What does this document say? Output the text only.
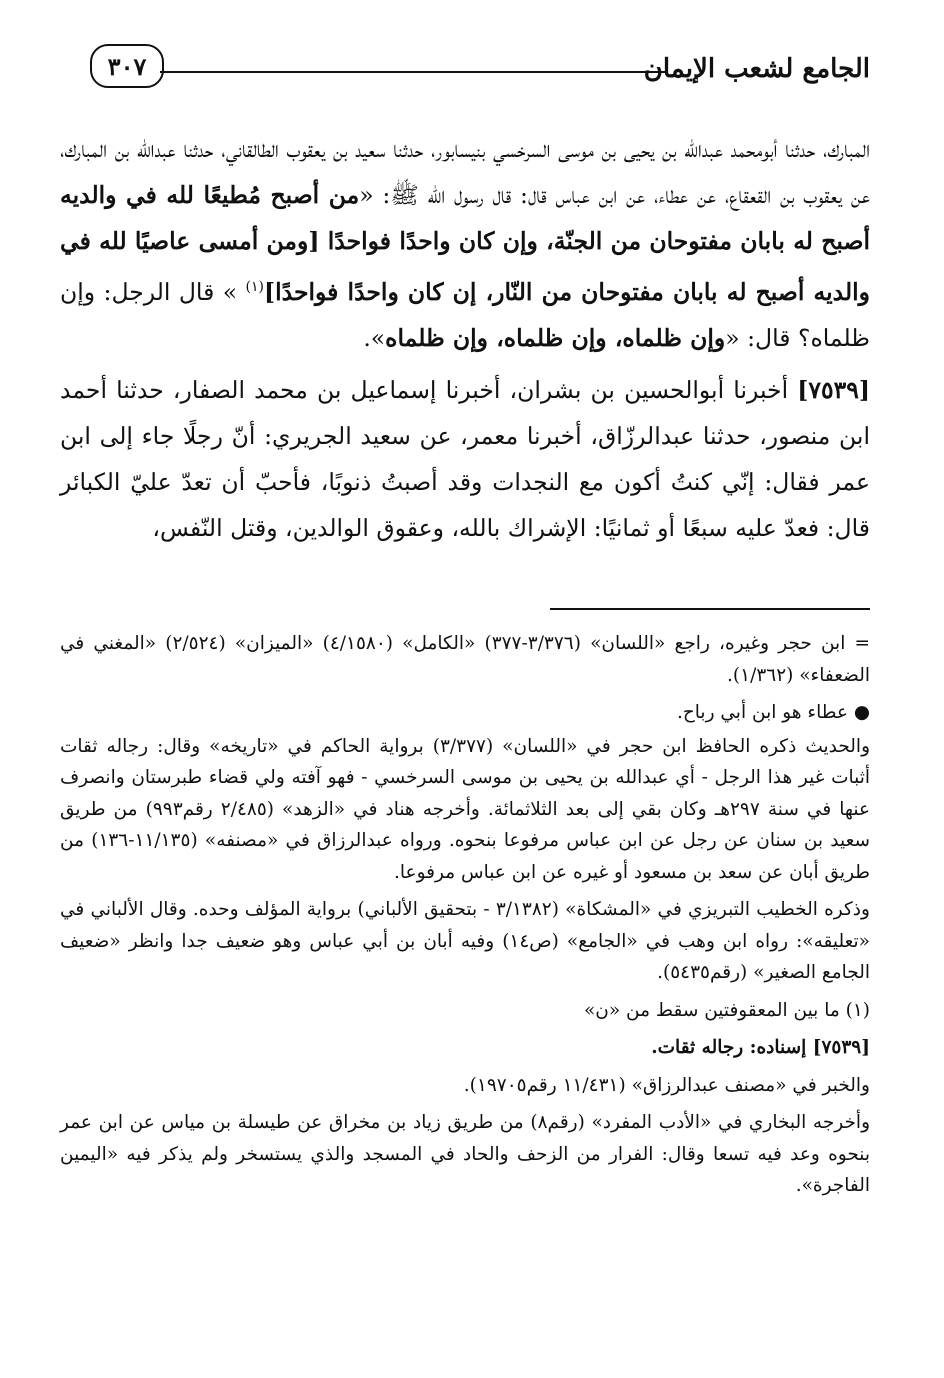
الجامع لشعب الإيمان
٣٠٧

المبارك، حدثنا أبومحمد عبدالله بن يحيى بن موسى السرخسي بنيسابور، حدثنا سعيد بن يعقوب الطالقاني، حدثنا عبدالله بن المبارك، عن يعقوب بن القعقاع، عن عطاء، عن ابن عباس قال: قال رسول الله ﷺ: «من أصبح مُطيعًا لله في والديه أصبح له بابان مفتوحان من الجنّة، وإن كان واحدًا فواحدًا [ومن أمسى عاصيًا لله في والديه أصبح له بابان مفتوحان من النّار، إن كان واحدًا فواحدًا]$^{(١)}$ » قال الرجل: وإن ظلماه؟ قال: «وإن ظلماه، وإن ظلماه، وإن ظلماه».

[٧٥٣٩] أخبرنا أبوالحسين بن بشران، أخبرنا إسماعيل بن محمد الصفار، حدثنا أحمد ابن منصور، حدثنا عبدالرزّاق، أخبرنا معمر، عن سعيد الجريري: أنّ رجلًا جاء إلى ابن عمر فقال: إنّي كنتُ أكون مع النجدات وقد أصبتُ ذنوبًا، فأحبّ أن تعدّ عليّ الكبائر قال: فعدّ عليه سبعًا أو ثمانيًا: الإشراك بالله، وعقوق الوالدين، وقتل النّفس،

= ابن حجر وغيره، راجع «اللسان» (٣/٣٧٦-٣٧٧) «الكامل» (٤/١٥٨٠) «الميزان» (٢/٥٢٤) «المغني في الضعفاء» (١/٣٦٢).

● عطاء هو ابن أبي رباح.

والحديث ذكره الحافظ ابن حجر في «اللسان» (٣/٣٧٧) برواية الحاكم في «تاريخه» وقال: رجاله ثقات أثبات غير هذا الرجل - أي عبدالله بن يحيى بن موسى السرخسي - فهو آفته ولي قضاء طبرستان وانصرف عنها في سنة ٢٩٧هـ وكان بقي إلى بعد الثلاثمائة. وأخرجه هناد في «الزهد» (٢/٤٨٥ رقم٩٩٣) من طريق سعيد بن سنان عن رجل عن ابن عباس مرفوعا بنحوه. ورواه عبدالرزاق في «مصنفه» (١١/١٣٥-١٣٦) من طريق أبان عن سعد بن مسعود أو غيره عن ابن عباس مرفوعا.

وذكره الخطيب التبريزي في «المشكاة» (٣/١٣٨٢ - بتحقيق الألباني) برواية المؤلف وحده. وقال الألباني في «تعليقه»: رواه ابن وهب في «الجامع» (ص١٤) وفيه أبان بن أبي عباس وهو ضعيف جدا وانظر «ضعيف الجامع الصغير» (رقم٥٤٣٥).

(١) ما بين المعقوفتين سقط من «ن»

[٧٥٣٩] إسناده: رجاله ثقات.

والخبر في «مصنف عبدالرزاق» (١١/٤٣١ رقم١٩٧٠٥).

وأخرجه البخاري في «الأدب المفرد» (رقم٨) من طريق زياد بن مخراق عن طيسلة بن مياس عن ابن عمر بنحوه وعد فيه تسعا وقال: الفرار من الزحف والحاد في المسجد والذي يستسخر ولم يذكر فيه «اليمين الفاجرة».
